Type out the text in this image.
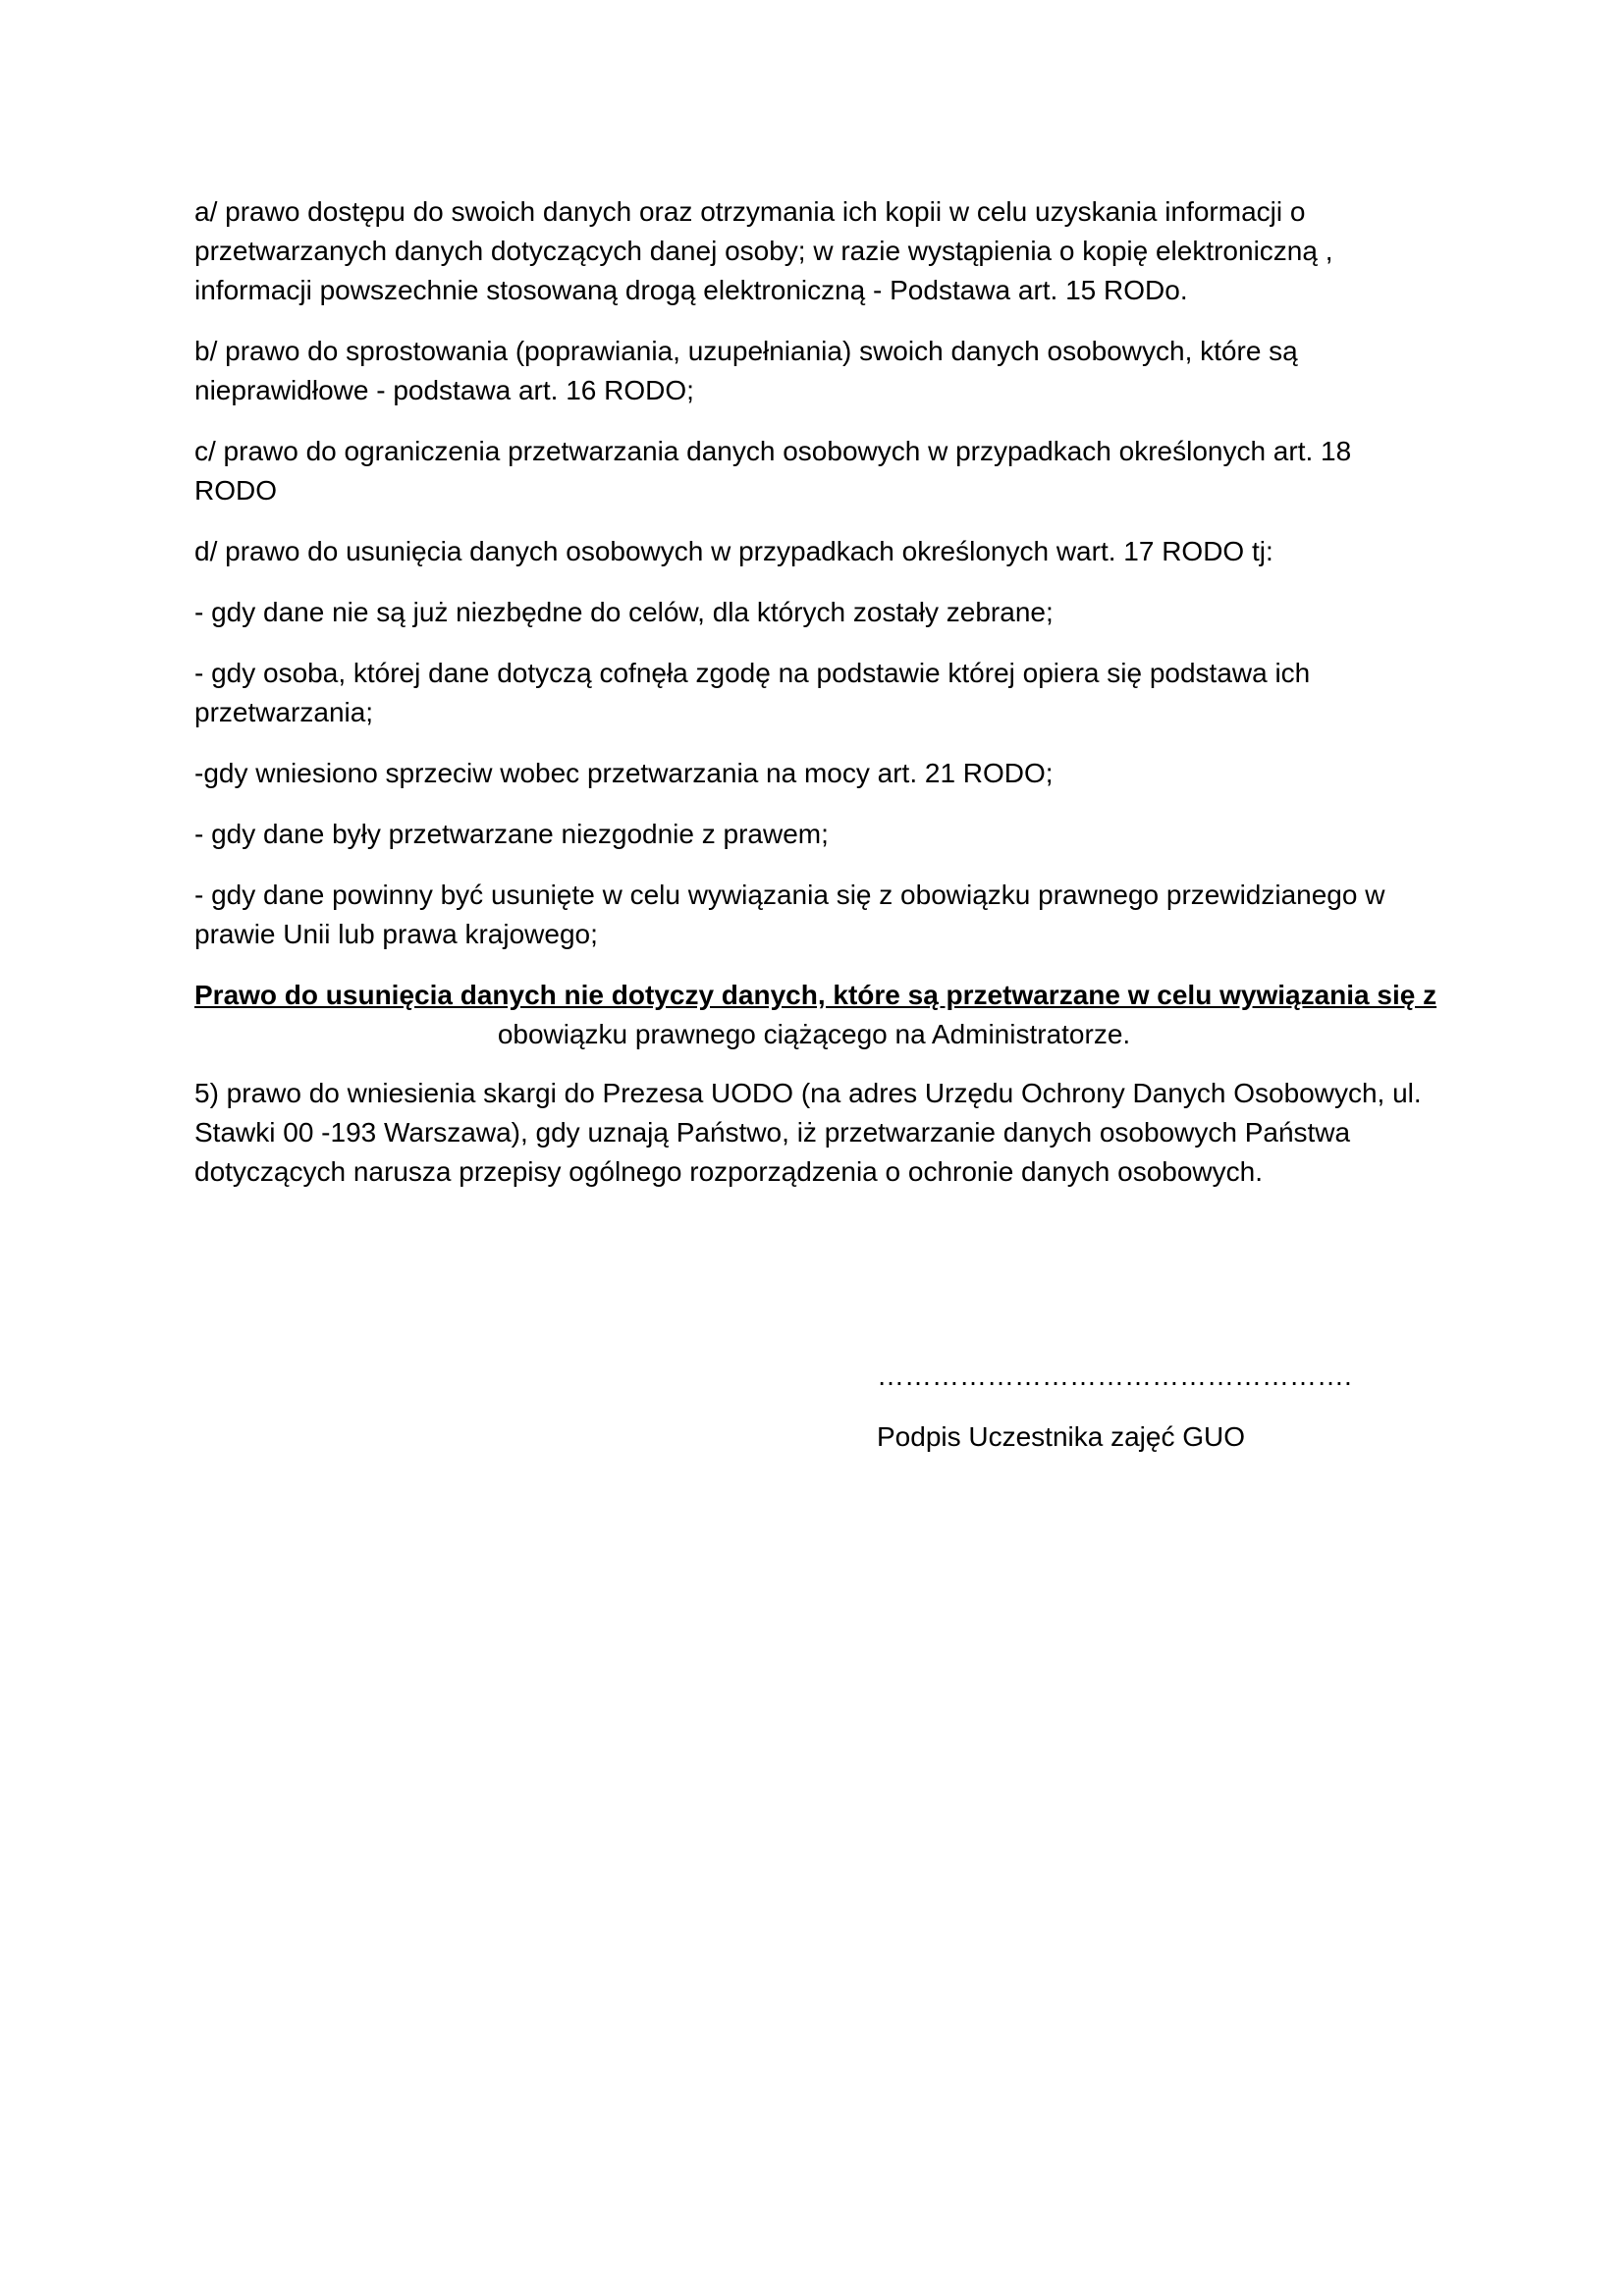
a/ prawo dostępu do swoich danych oraz otrzymania ich kopii w celu uzyskania informacji o
przetwarzanych danych dotyczących danej osoby; w razie wystąpienia o kopię elektroniczną ,
informacji powszechnie stosowaną drogą elektroniczną - Podstawa art. 15 RODo.

b/ prawo do sprostowania (poprawiania, uzupełniania) swoich danych osobowych, które są
nieprawidłowe - podstawa art. 16 RODO;

c/ prawo do ograniczenia przetwarzania danych osobowych w przypadkach określonych art. 18
RODO

d/ prawo do usunięcia danych osobowych w przypadkach określonych wart. 17 RODO tj:

- gdy dane nie są już niezbędne do celów, dla których zostały zebrane;

- gdy osoba, której dane dotyczą cofnęła zgodę na podstawie której opiera się podstawa ich
przetwarzania;

-gdy wniesiono sprzeciw wobec przetwarzania na mocy art. 21 RODO;

- gdy dane były przetwarzane niezgodnie z prawem;

- gdy dane powinny być usunięte w celu wywiązania się z obowiązku prawnego przewidzianego w
prawie Unii lub prawa krajowego;

Prawo do usunięcia danych nie dotyczy danych, które są przetwarzane w celu wywiązania się z
obowiązku prawnego ciążącego na Administratorze.

5) prawo do wniesienia skargi do Prezesa UODO (na adres Urzędu Ochrony Danych Osobowych, ul.
Stawki 00 -193 Warszawa), gdy uznają Państwo, iż przetwarzanie danych osobowych Państwa
dotyczących narusza przepisy ogólnego rozporządzenia o ochronie danych osobowych.

…………………………………………….
Podpis Uczestnika zajęć GUO
